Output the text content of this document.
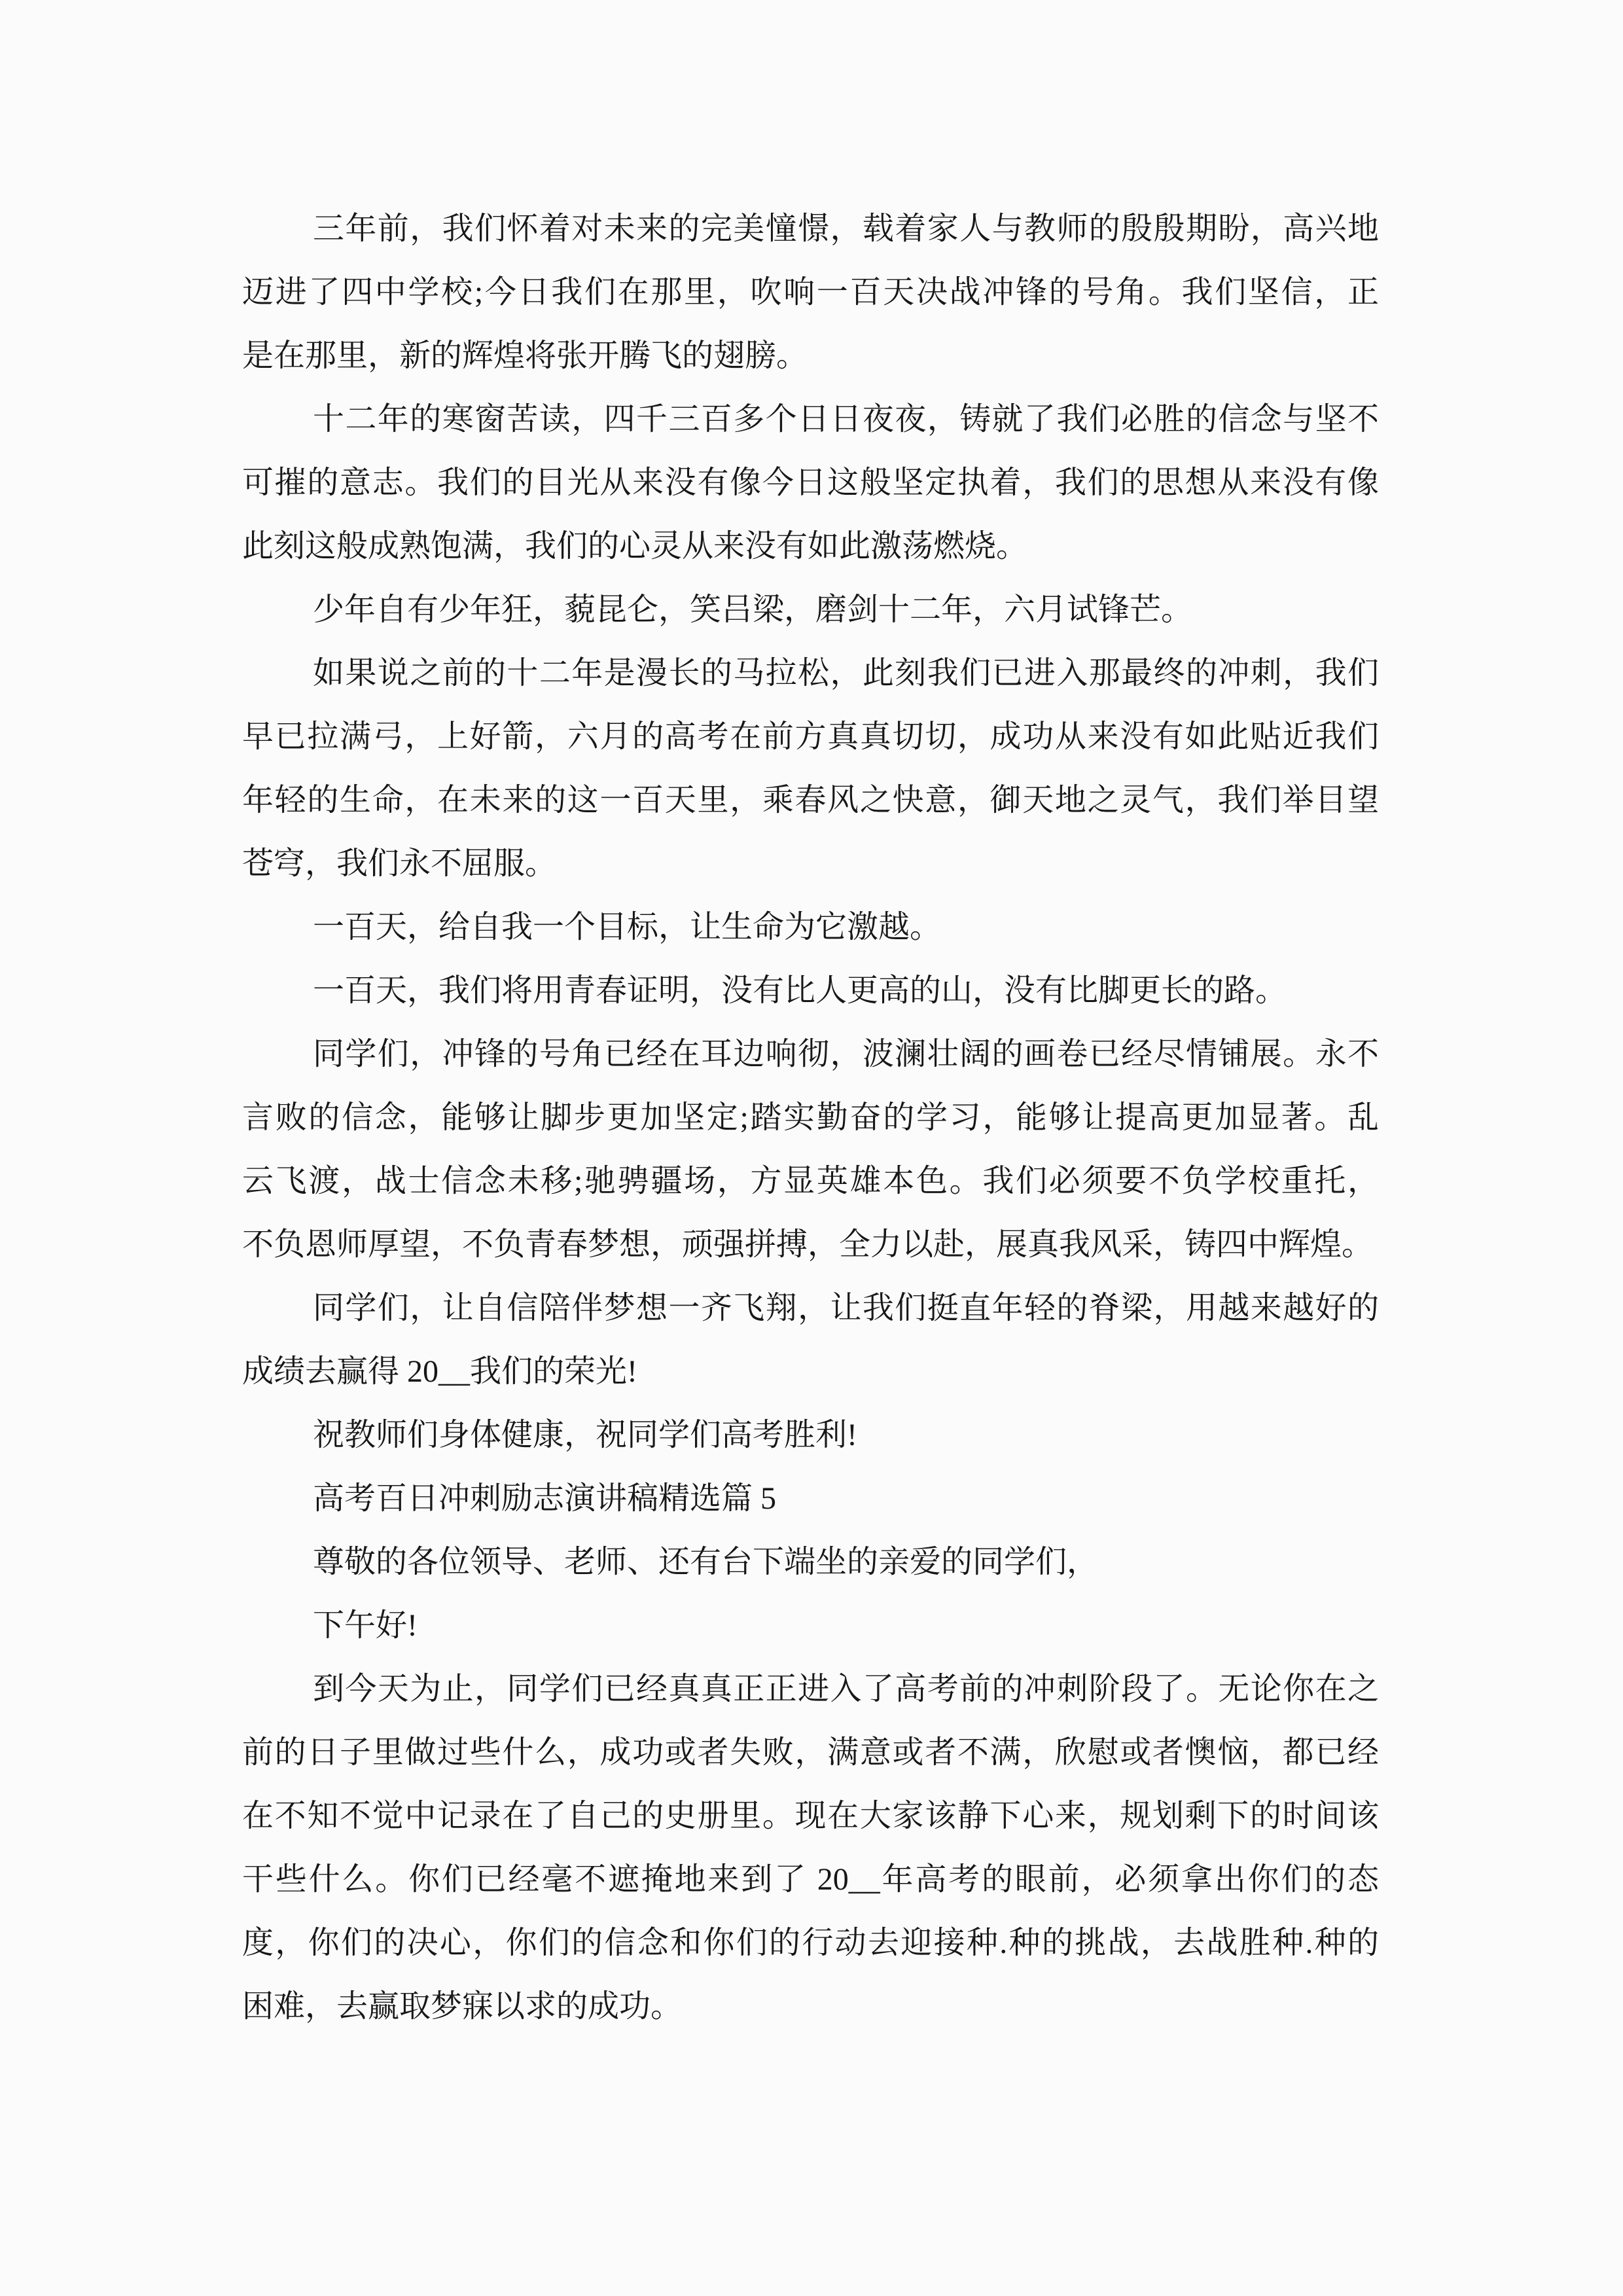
三年前，我们怀着对未来的完美憧憬，载着家人与教师的殷殷期盼，高兴地
迈进了四中学校;今日我们在那里，吹响一百天决战冲锋的号角。我们坚信，正
是在那里，新的辉煌将张开腾飞的翅膀。
十二年的寒窗苦读，四千三百多个日日夜夜，铸就了我们必胜的信念与坚不
可摧的意志。我们的目光从来没有像今日这般坚定执着，我们的思想从来没有像
此刻这般成熟饱满，我们的心灵从来没有如此激荡燃烧。
少年自有少年狂，藐昆仑，笑吕梁，磨剑十二年，六月试锋芒。
如果说之前的十二年是漫长的马拉松，此刻我们已进入那最终的冲刺，我们
早已拉满弓，上好箭，六月的高考在前方真真切切，成功从来没有如此贴近我们
年轻的生命，在未来的这一百天里，乘春风之快意，御天地之灵气，我们举目望
苍穹，我们永不屈服。
一百天，给自我一个目标，让生命为它激越。
一百天，我们将用青春证明，没有比人更高的山，没有比脚更长的路。
同学们，冲锋的号角已经在耳边响彻，波澜壮阔的画卷已经尽情铺展。永不
言败的信念，能够让脚步更加坚定;踏实勤奋的学习，能够让提高更加显著。乱
云飞渡，战士信念未移;驰骋疆场，方显英雄本色。我们必须要不负学校重托，
不负恩师厚望，不负青春梦想，顽强拼搏，全力以赴，展真我风采，铸四中辉煌。
同学们，让自信陪伴梦想一齐飞翔，让我们挺直年轻的脊梁，用越来越好的
成绩去赢得 20__我们的荣光!
祝教师们身体健康，祝同学们高考胜利!
高考百日冲刺励志演讲稿精选篇 5
尊敬的各位领导、老师、还有台下端坐的亲爱的同学们，
下午好!
到今天为止，同学们已经真真正正进入了高考前的冲刺阶段了。无论你在之
前的日子里做过些什么，成功或者失败，满意或者不满，欣慰或者懊恼，都已经
在不知不觉中记录在了自己的史册里。现在大家该静下心来，规划剩下的时间该
干些什么。你们已经毫不遮掩地来到了 20__年高考的眼前，必须拿出你们的态
度，你们的决心，你们的信念和你们的行动去迎接种.种的挑战，去战胜种.种的
困难，去赢取梦寐以求的成功。
